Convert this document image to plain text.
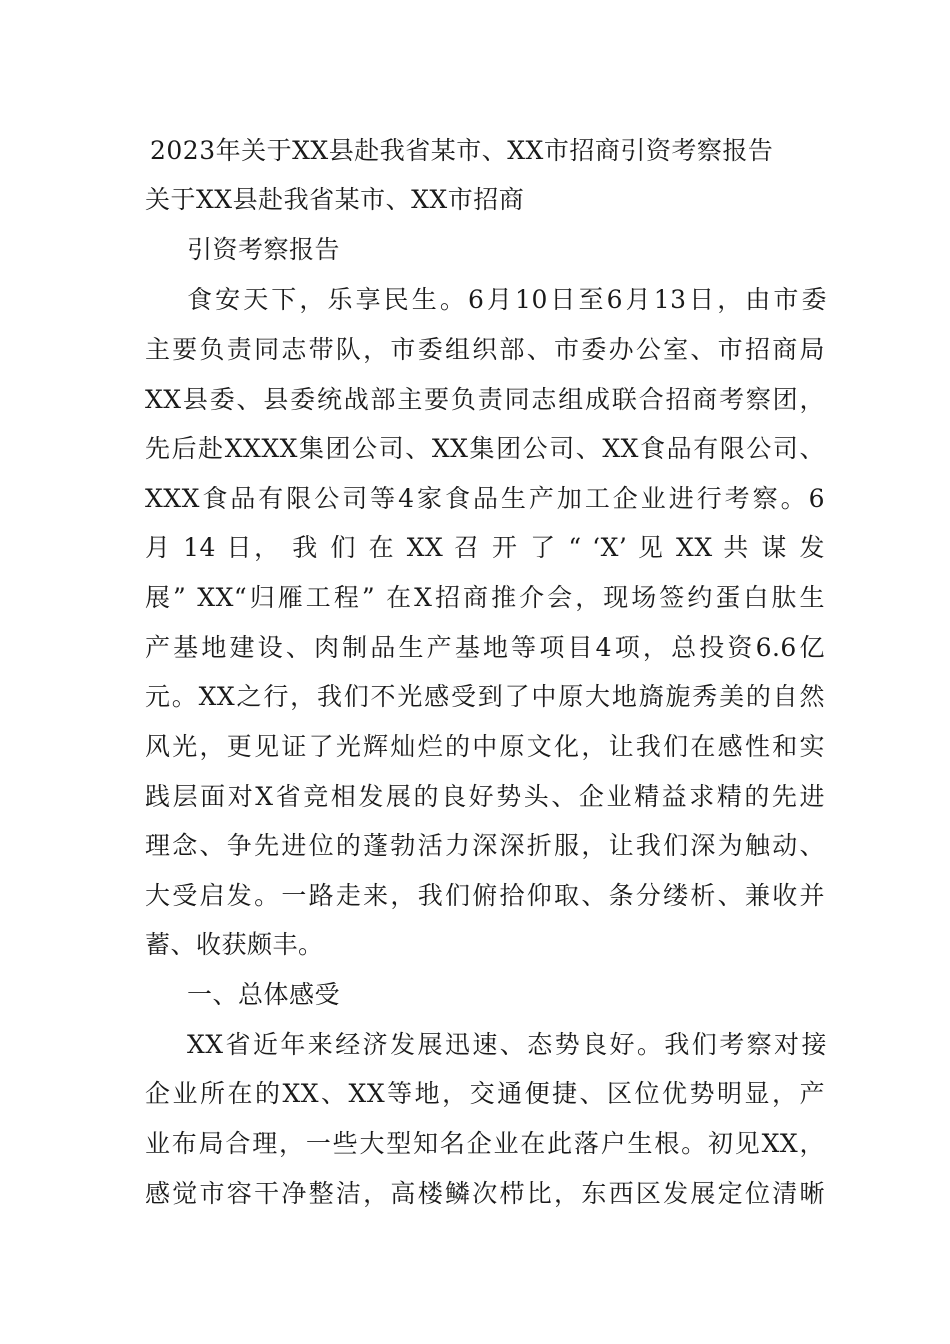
2023年关于XX县赴我省某市、XX市招商引资考察报告
关于XX县赴我省某市、XX市招商
引资考察报告
食安天下，乐享民生。6月10日至6月13日，由市委
主要负责同志带队，市委组织部、市委办公室、市招商局
XX县委、县委统战部主要负责同志组成联合招商考察团，
先后赴XXXX集团公司、XX集团公司、XX食品有限公司、
XXX食品有限公司等4家食品生产加工企业进行考察。6
月 14 日， 我 们 在 XX 召 开 了 “ ‘X’ 见 XX 共 谋 发
展” XX“归雁工程” 在X招商推介会，现场签约蛋白肽生
产基地建设、肉制品生产基地等项目4项，总投资6.6亿
元。XX之行，我们不光感受到了中原大地旖旎秀美的自然
风光，更见证了光辉灿烂的中原文化，让我们在感性和实
践层面对X省竞相发展的良好势头、企业精益求精的先进
理念、争先进位的蓬勃活力深深折服，让我们深为触动、
大受启发。一路走来，我们俯拾仰取、条分缕析、兼收并
蓄、收获颇丰。
一、总体感受
XX省近年来经济发展迅速、态势良好。我们考察对接
企业所在的XX、XX等地，交通便捷、区位优势明显，产
业布局合理，一些大型知名企业在此落户生根。初见XX，
感觉市容干净整洁，高楼鳞次栉比，东西区发展定位清晰
